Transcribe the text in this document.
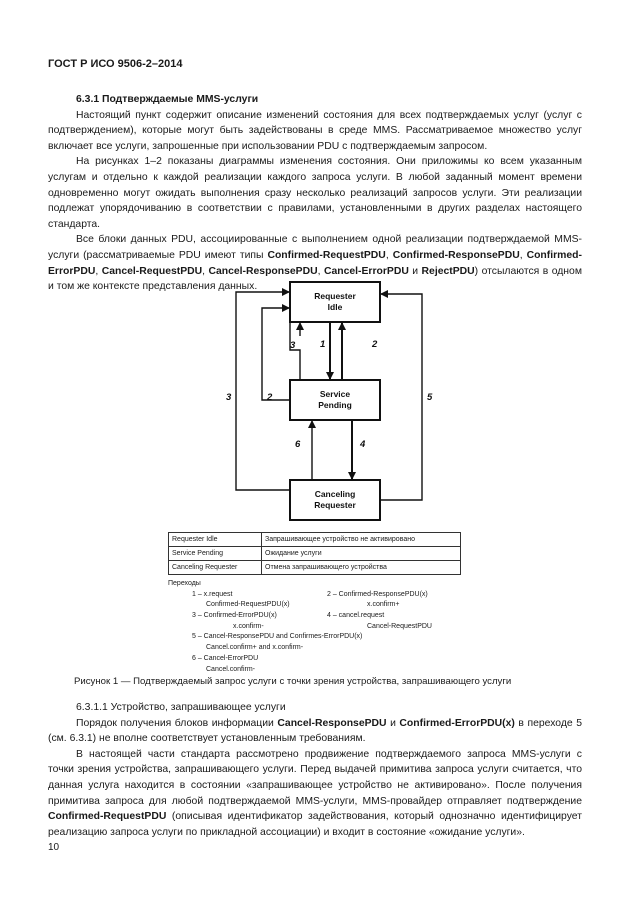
ГОСТ Р ИСО 9506-2–2014

6.3.1 Подтверждаемые MMS-услуги

Настоящий пункт содержит описание изменений состояния для всех подтверждаемых услуг (услуг с подтверждением), которые могут быть задействованы в среде MMS. Рассматриваемое множество услуг включает все услуги, запрошенные при использовании PDU с подтверждаемым запросом.

На рисунках 1–2 показаны диаграммы изменения состояния. Они приложимы ко всем указанным услугам и отдельно к каждой реализации каждого запроса услуги. В любой заданный момент времени одновременно могут ожидать выполнения сразу несколько реализаций запросов услуги. Эти реализации подлежат упорядочиванию в соответствии с правилами, установленными в других разделах настоящего стандарта.

Все блоки данных PDU, ассоциированные с выполнением одной реализации подтверждаемой MMS-услуги (рассматриваемые PDU имеют типы Confirmed-RequestPDU, Confirmed-ResponsePDU, Confirmed-ErrorPDU, Cancel-RequestPDU, Cancel-ResponsePDU, Cancel-ErrorPDU и RejectPDU) отсылаются в одном и том же контексте представления данных.

Requester
Idle
Service
Pending
Canceling
Requester
1	2
3
3	2	5
6	4
Requester Idle	Запрашивающее устройство не активировано
Service Pending	Ожидание услуги
Canceling Requester	Отмена запрашивающего устройства
Переходы
1 – x.request	2 – Confirmed-ResponsePDU(x)
Confirmed-RequestPDU(x)	x.confirm+
3 – Confirmed-ErrorPDU(x)	4 – cancel.request
x.confirm-	Cancel-RequestPDU
5 – Cancel-ResponsePDU and Confirmes-ErrorPDU(x)
Cancel.confirm+ and x.confirm-
6 – Cancel-ErrorPDU
Cancel.confirm-
Рисунок 1 — Подтверждаемый запрос услуги с точки зрения устройства, запрашивающего услуги

6.3.1.1 Устройство, запрашивающее услуги

Порядок получения блоков информации Cancel-ResponsePDU и Confirmed-ErrorPDU(x) в переходе 5 (см. 6.3.1) не вполне соответствует установленным требованиям.

В настоящей части стандарта рассмотрено продвижение подтверждаемого запроса MMS-услуги с точки зрения устройства, запрашивающего услуги. Перед выдачей примитива запроса услуги считается, что данная услуга находится в состоянии «запрашивающее устройство не активировано». После получения примитива запроса для любой подтверждаемой MMS-услуги, MMS-провайдер отправляет подтверждение Confirmed-RequestPDU (описывая идентификатор задействования, который однозначно идентифицирует реализацию запроса услуги по прикладной ассоциации) и входит в состояние «ожидание услуги».

10
